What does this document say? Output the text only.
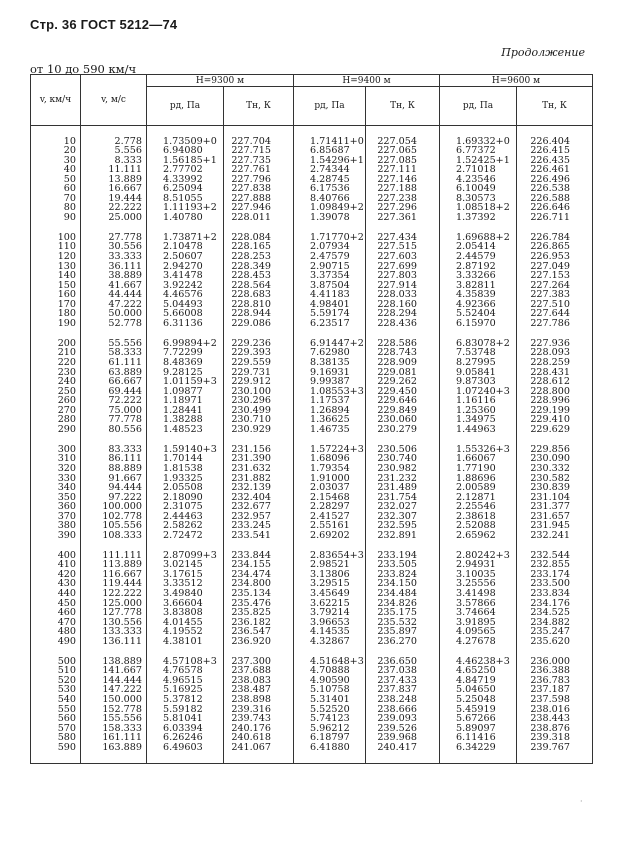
Стр. 36 ГОСТ 5212—74
Продолжение
от 10 до 590 км/ч
v, км/ч	v, м/с	H=9300 м		H=9400 м		H=9600 м	
		pд, Па	Tн, К	pд, Па	Tн, К	pд, Па	Tн, К

10	2.778	1.73509+0	227.704	1.71411+0	227.054	1.69332+0	226.404
20	5.556	6.94080	227.715	6.85687	227.065	6.77372	226.415
30	8.333	1.56185+1	227.735	1.54296+1	227.085	1.52425+1	226.435
40	11.111	2.77702	227.761	2.74344	227.111	2.71018	226.461
50	13.889	4.33992	227.796	4.28745	227.146	4.23546	226.496
60	16.667	6.25094	227.838	6.17536	227.188	6.10049	226.538
70	19.444	8.51055	227.888	8.40766	227.238	8.30573	226.588
80	22.222	1.11193+2	227.946	1.09849+2	227.296	1.08518+2	226.646
90	25.000	1.40780	228.011	1.39078	227.361	1.37392	226.711

100	27.778	1.73871+2	228.084	1.71770+2	227.434	1.69688+2	226.784
110	30.556	2.10478	228.165	2.07934	227.515	2.05414	226.865
120	33.333	2.50607	228.253	2.47579	227.603	2.44579	226.953
130	36.111	2.94270	228.349	2.90715	227.699	2.87192	227.049
140	38.889	3.41478	228.453	3.37354	227.803	3.33266	227.153
150	41.667	3.92242	228.564	3.87504	227.914	3.82811	227.264
160	44.444	4.46576	228.683	4.41183	228.033	4.35839	227.383
170	47.222	5.04493	228.810	4.98401	228.160	4.92366	227.510
180	50.000	5.66008	228.944	5.59174	228.294	5.52404	227.644
190	52.778	6.31136	229.086	6.23517	228.436	6.15970	227.786

200	55.556	6.99894+2	229.236	6.91447+2	228.586	6.83078+2	227.936
210	58.333	7.72299	229.393	7.62980	228.743	7.53748	228.093
220	61.111	8.48369	229.559	8.38135	228.909	8.27995	228.259
230	63.889	9.28125	229.731	9.16931	229.081	9.05841	228.431
240	66.667	1.01159+3	229.912	9.99387	229.262	9.87303	228.612
250	69.444	1.09877	230.100	1.08553+3	229.450	1.07240+3	228.800
260	72.222	1.18971	230.296	1.17537	229.646	1.16116	228.996
270	75.000	1.28441	230.499	1.26894	229.849	1.25360	229.199
280	77.778	1.38288	230.710	1.36625	230.060	1.34975	229.410
290	80.556	1.48523	230.929	1.46735	230.279	1.44963	229.629

300	83.333	1.59140+3	231.156	1.57224+3	230.506	1.55326+3	229.856
310	86.111	1.70144	231.390	1.68096	230.740	1.66067	230.090
320	88.889	1.81538	231.632	1.79354	230.982	1.77190	230.332
330	91.667	1.93325	231.882	1.91000	231.232	1.88696	230.582
340	94.444	2.05508	232.139	2.03037	231.489	2.00589	230.839
350	97.222	2.18090	232.404	2.15468	231.754	2.12871	231.104
360	100.000	2.31075	232.677	2.28297	232.027	2.25546	231.377
370	102.778	2.44463	232.957	2.41527	232.307	2.38618	231.657
380	105.556	2.58262	233.245	2.55161	232.595	2.52088	231.945
390	108.333	2.72472	233.541	2.69202	232.891	2.65962	232.241

400	111.111	2.87099+3	233.844	2.83654+3	233.194	2.80242+3	232.544
410	113.889	3.02145	234.155	2.98521	233.505	2.94931	232.855
420	116.667	3.17615	234.474	3.13806	233.824	3.10035	233.174
430	119.444	3.33512	234.800	3.29515	234.150	3.25556	233.500
440	122.222	3.49840	235.134	3.45649	234.484	3.41498	233.834
450	125.000	3.66604	235.476	3.62215	234.826	3.57866	234.176
460	127.778	3.83808	235.825	3.79214	235.175	3.74664	234.525
470	130.556	4.01455	236.182	3.96653	235.532	3.91895	234.882
480	133.333	4.19552	236.547	4.14535	235.897	4.09565	235.247
490	136.111	4.38101	236.920	4.32867	236.270	4.27678	235.620

500	138.889	4.57108+3	237.300	4.51648+3	236.650	4.46238+3	236.000
510	141.667	4.76578	237.688	4.70888	237.038	4.65250	236.388
520	144.444	4.96515	238.083	4.90590	237.433	4.84719	236.783
530	147.222	5.16925	238.487	5.10758	237.837	5.04650	237.187
540	150.000	5.37812	238.898	5.31401	238.248	5.25048	237.598
550	152.778	5.59182	239.316	5.52520	238.666	5.45919	238.016
560	155.556	5.81041	239.743	5.74123	239.093	5.67266	238.443
570	158.333	6.03394	240.176	5.96212	239.526	5.89097	238.876
580	161.111	6.26246	240.618	6.18797	239.968	6.11416	239.318
590	163.889	6.49603	241.067	6.41880	240.417	6.34229	239.767

·
